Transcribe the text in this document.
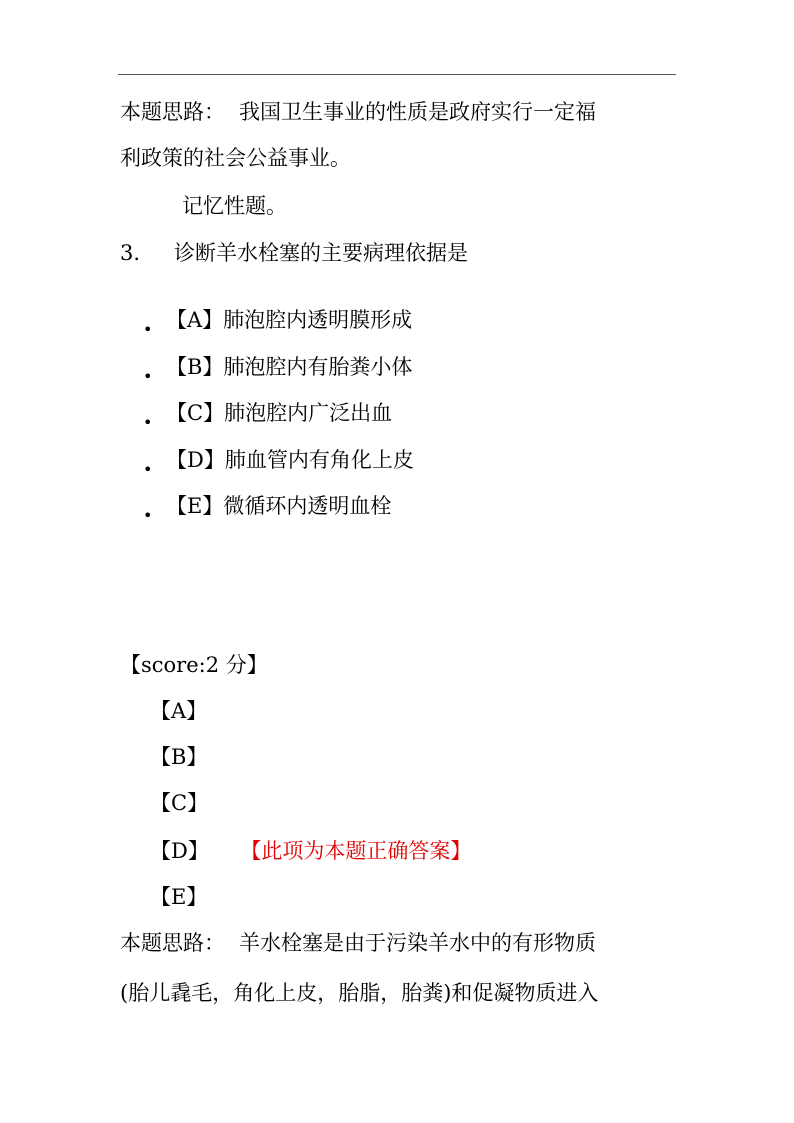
本题思路： 我国卫生事业的性质是政府实行一定福
利政策的社会公益事业。
记忆性题。
3. 诊断羊水栓塞的主要病理依据是
• 【A】肺泡腔内透明膜形成
• 【B】肺泡腔内有胎粪小体
• 【C】肺泡腔内广泛出血
• 【D】肺血管内有角化上皮
• 【E】微循环内透明血栓
【score:2 分】
【A】
【B】
【C】
【D】 【此项为本题正确答案】
【E】
本题思路： 羊水栓塞是由于污染羊水中的有形物质
(胎儿毳毛，角化上皮，胎脂，胎粪)和促凝物质进入
